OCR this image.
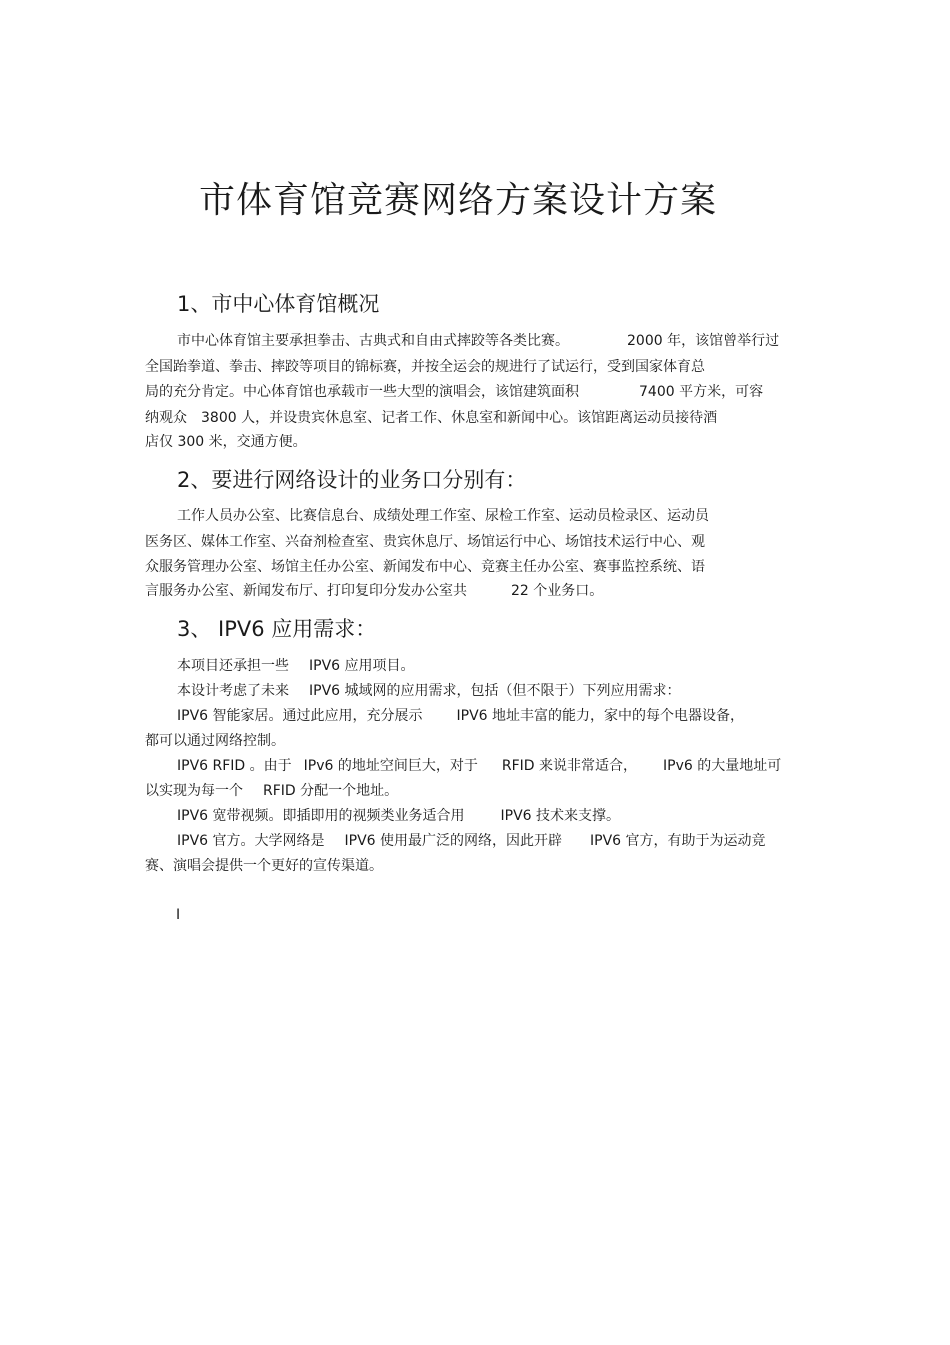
市体育馆竞赛网络方案设计方案
1、市中心体育馆概况
市中心体育馆主要承担拳击、古典式和自由式摔跤等各类比赛。	2000 年，该馆曾举行过
全国跆拳道、拳击、摔跤等项目的锦标赛，并按全运会的规进行了试运行，受到国家体育总
局的充分肯定。中心体育馆也承载市一些大型的演唱会，该馆建筑面积	7400 平方米，可容
纳观众 3800 人，并设贵宾休息室、记者工作、休息室和新闻中心。该馆距离运动员接待酒
店仅 300 米，交通方便。
2、要进行网络设计的业务口分别有：
工作人员办公室、比赛信息台、成绩处理工作室、尿检工作室、运动员检录区、运动员
医务区、媒体工作室、兴奋剂检查室、贵宾休息厅、场馆运行中心、场馆技术运行中心、观
众服务管理办公室、场馆主任办公室、新闻发布中心、竞赛主任办公室、赛事监控系统、语
言服务办公室、新闻发布厅、打印复印分发办公室共	22 个业务口。
3、 IPV6 应用需求：
本项目还承担一些 IPV6 应用项目。
本设计考虑了未来 IPV6 城域网的应用需求，包括（但不限于）下列应用需求：
IPV6 智能家居。通过此应用，充分展示 IPV6 地址丰富的能力，家中的每个电器设备，
都可以通过网络控制。
IPV6 RFID 。由于 IPv6 的地址空间巨大，对于 RFID 来说非常适合， IPv6 的大量地址可
以实现为每一个 RFID 分配一个地址。
IPV6 宽带视频。即插即用的视频类业务适合用	IPV6 技术来支撑。
IPV6 官方。大学网络是 IPV6 使用最广泛的网络，因此开辟 IPV6 官方，有助于为运动竞
赛、演唱会提供一个更好的宣传渠道。
I
